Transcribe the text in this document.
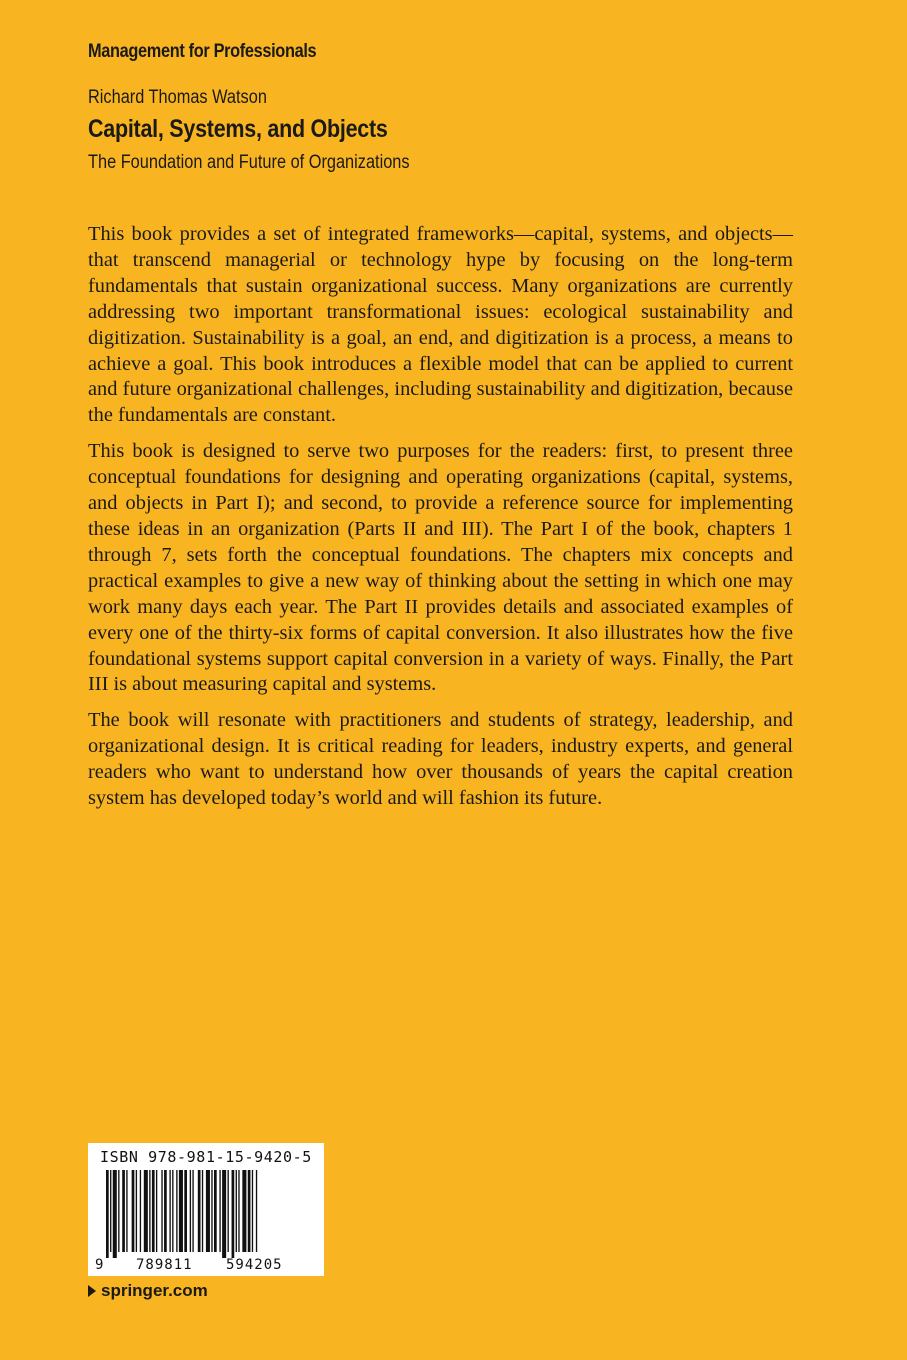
Management for Professionals
Richard Thomas Watson
Capital, Systems, and Objects
The Foundation and Future of Organizations

This book provides a set of integrated frameworks—capital, systems, and objects—that transcend managerial or technology hype by focusing on the long-term fundamentals that sustain organizational success. Many organizations are currently addressing two important transformational issues: ecological sustainability and digitization. Sustainability is a goal, an end, and digitization is a process, a means to achieve a goal. This book introduces a flexible model that can be applied to current and future organizational challenges, including sustainability and digitization, because the fundamentals are constant.

This book is designed to serve two purposes for the readers: first, to present three conceptual foundations for designing and operating organizations (capital, systems, and objects in Part I); and second, to provide a reference source for implementing these ideas in an organization (Parts II and III). The Part I of the book, chapters 1 through 7, sets forth the conceptual foundations. The chapters mix concepts and practical examples to give a new way of thinking about the setting in which one may work many days each year. The Part II provides details and associated examples of every one of the thirty-six forms of capital conversion. It also illustrates how the five foundational systems support capital conversion in a variety of ways. Finally, the Part III is about measuring capital and systems.

The book will resonate with practitioners and students of strategy, leadership, and organizational design. It is critical reading for leaders, industry experts, and general readers who want to understand how over thousands of years the capital creation system has developed today’s world and will fashion its future.

ISBN 978-981-15-9420-5
9 789811 594205
springer.com
